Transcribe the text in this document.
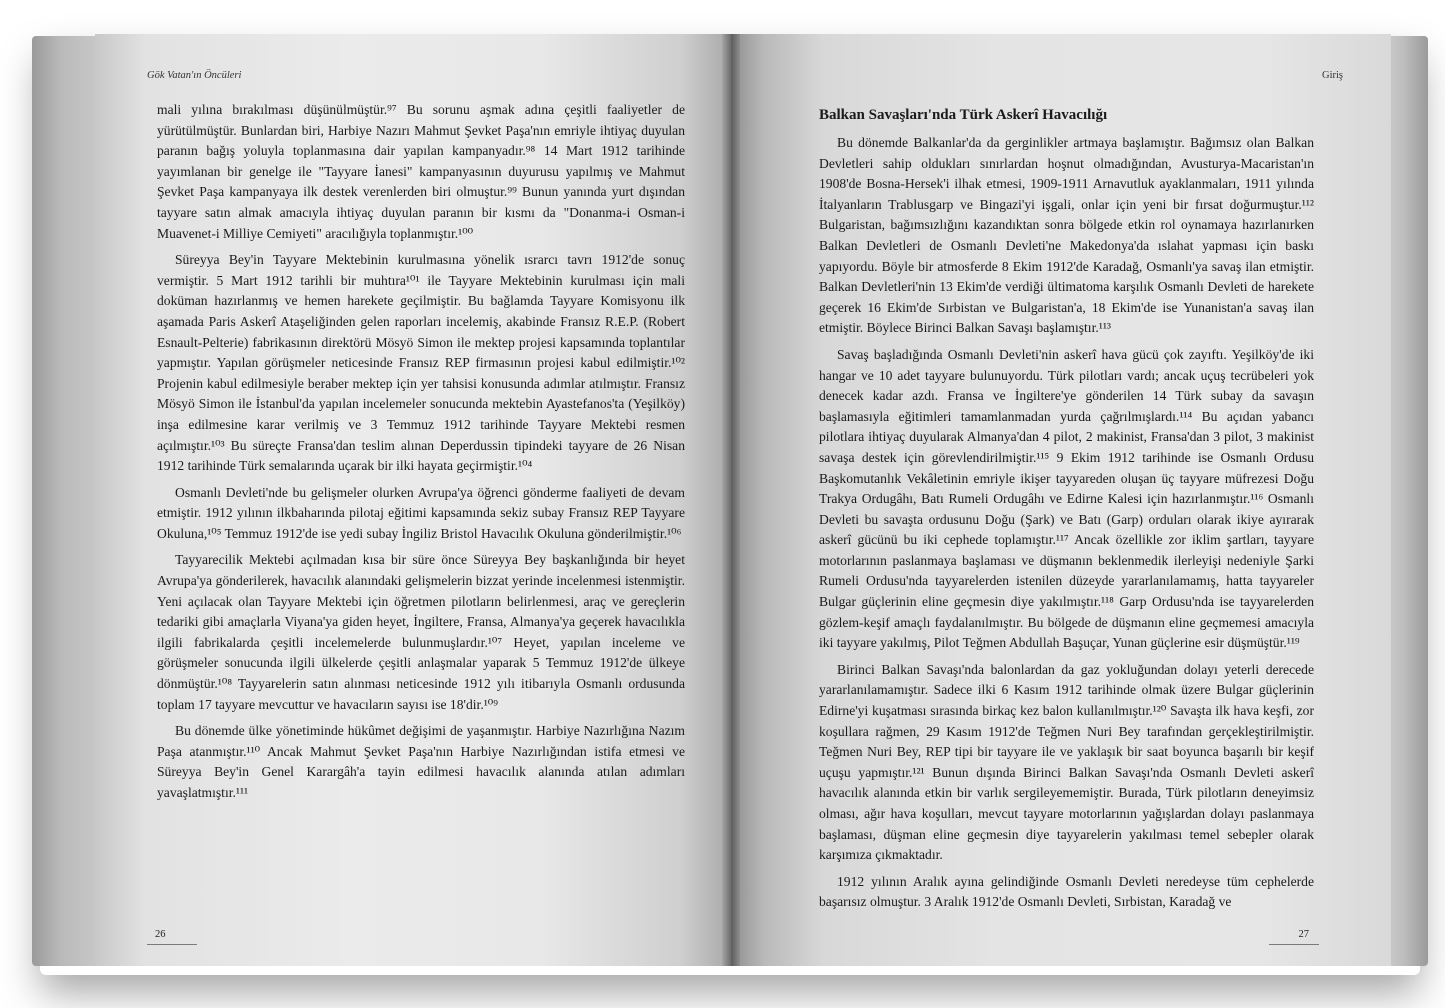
Gök Vatan'ın Öncüleri

mali yılına bırakılması düşünülmüştür.⁹⁷ Bu sorunu aşmak adına çeşitli faaliyetler de yürütülmüştür. Bunlardan biri, Harbiye Nazırı Mahmut Şevket Paşa'nın emriyle ihtiyaç duyulan paranın bağış yoluyla toplanmasına dair yapılan kampanyadır.⁹⁸ 14 Mart 1912 tarihinde yayımlanan bir genelge ile "Tayyare İanesi" kampanyasının duyurusu yapılmış ve Mahmut Şevket Paşa kampanyaya ilk destek verenlerden biri olmuştur.⁹⁹ Bunun yanında yurt dışından tayyare satın almak amacıyla ihtiyaç duyulan paranın bir kısmı da "Donanma-i Osman-i Muavenet-i Milliye Cemiyeti" aracılığıyla toplanmıştır.¹⁰⁰

Süreyya Bey'in Tayyare Mektebinin kurulmasına yönelik ısrarcı tavrı 1912'de sonuç vermiştir. 5 Mart 1912 tarihli bir muhtıra¹⁰¹ ile Tayyare Mektebinin kurulması için mali doküman hazırlanmış ve hemen harekete geçilmiştir. Bu bağlamda Tayyare Komisyonu ilk aşamada Paris Askerî Ataşeliğinden gelen raporları incelemiş, akabinde Fransız R.E.P. (Robert Esnault-Pelterie) fabrikasının direktörü Mösyö Simon ile mektep projesi kapsamında toplantılar yapmıştır. Yapılan görüşmeler neticesinde Fransız REP firmasının projesi kabul edilmiştir.¹⁰² Projenin kabul edilmesiyle beraber mektep için yer tahsisi konusunda adımlar atılmıştır. Fransız Mösyö Simon ile İstanbul'da yapılan incelemeler sonucunda mektebin Ayastefanos'ta (Yeşilköy) inşa edilmesine karar verilmiş ve 3 Temmuz 1912 tarihinde Tayyare Mektebi resmen açılmıştır.¹⁰³ Bu süreçte Fransa'dan teslim alınan Deperdussin tipindeki tayyare de 26 Nisan 1912 tarihinde Türk semalarında uçarak bir ilki hayata geçirmiştir.¹⁰⁴

Osmanlı Devleti'nde bu gelişmeler olurken Avrupa'ya öğrenci gönderme faaliyeti de devam etmiştir. 1912 yılının ilkbaharında pilotaj eğitimi kapsamında sekiz subay Fransız REP Tayyare Okuluna,¹⁰⁵ Temmuz 1912'de ise yedi subay İngiliz Bristol Havacılık Okuluna gönderilmiştir.¹⁰⁶

Tayyarecilik Mektebi açılmadan kısa bir süre önce Süreyya Bey başkanlığında bir heyet Avrupa'ya gönderilerek, havacılık alanındaki gelişmelerin bizzat yerinde incelenmesi istenmiştir. Yeni açılacak olan Tayyare Mektebi için öğretmen pilotların belirlenmesi, araç ve gereçlerin tedariki gibi amaçlarla Viyana'ya giden heyet, İngiltere, Fransa, Almanya'ya geçerek havacılıkla ilgili fabrikalarda çeşitli incelemelerde bulunmuşlardır.¹⁰⁷ Heyet, yapılan inceleme ve görüşmeler sonucunda ilgili ülkelerde çeşitli anlaşmalar yaparak 5 Temmuz 1912'de ülkeye dönmüştür.¹⁰⁸ Tayyarelerin satın alınması neticesinde 1912 yılı itibarıyla Osmanlı ordusunda toplam 17 tayyare mevcuttur ve havacıların sayısı ise 18'dir.¹⁰⁹

Bu dönemde ülke yönetiminde hükûmet değişimi de yaşanmıştır. Harbiye Nazırlığına Nazım Paşa atanmıştır.¹¹⁰ Ancak Mahmut Şevket Paşa'nın Harbiye Nazırlığından istifa etmesi ve Süreyya Bey'in Genel Karargâh'a tayin edilmesi havacılık alanında atılan adımları yavaşlatmıştır.¹¹¹

26
Giriş
Balkan Savaşları'nda Türk Askerî Havacılığı

Bu dönemde Balkanlar'da da gerginlikler artmaya başlamıştır. Bağımsız olan Balkan Devletleri sahip oldukları sınırlardan hoşnut olmadığından, Avusturya-Macaristan'ın 1908'de Bosna-Hersek'i ilhak etmesi, 1909-1911 Arnavutluk ayaklanmaları, 1911 yılında İtalyanların Trablusgarp ve Bingazi'yi işgali, onlar için yeni bir fırsat doğurmuştur.¹¹² Bulgaristan, bağımsızlığını kazandıktan sonra bölgede etkin rol oynamaya hazırlanırken Balkan Devletleri de Osmanlı Devleti'ne Makedonya'da ıslahat yapması için baskı yapıyordu. Böyle bir atmosferde 8 Ekim 1912'de Karadağ, Osmanlı'ya savaş ilan etmiştir. Balkan Devletleri'nin 13 Ekim'de verdiği ültimatoma karşılık Osmanlı Devleti de harekete geçerek 16 Ekim'de Sırbistan ve Bulgaristan'a, 18 Ekim'de ise Yunanistan'a savaş ilan etmiştir. Böylece Birinci Balkan Savaşı başlamıştır.¹¹³

Savaş başladığında Osmanlı Devleti'nin askerî hava gücü çok zayıftı. Yeşilköy'de iki hangar ve 10 adet tayyare bulunuyordu. Türk pilotları vardı; ancak uçuş tecrübeleri yok denecek kadar azdı. Fransa ve İngiltere'ye gönderilen 14 Türk subay da savaşın başlamasıyla eğitimleri tamamlanmadan yurda çağrılmışlardı.¹¹⁴ Bu açıdan yabancı pilotlara ihtiyaç duyularak Almanya'dan 4 pilot, 2 makinist, Fransa'dan 3 pilot, 3 makinist savaşa destek için görevlendirilmiştir.¹¹⁵ 9 Ekim 1912 tarihinde ise Osmanlı Ordusu Başkomutanlık Vekâletinin emriyle ikişer tayyareden oluşan üç tayyare müfrezesi Doğu Trakya Ordugâhı, Batı Rumeli Ordugâhı ve Edirne Kalesi için hazırlanmıştır.¹¹⁶ Osmanlı Devleti bu savaşta ordusunu Doğu (Şark) ve Batı (Garp) orduları olarak ikiye ayırarak askerî gücünü bu iki cephede toplamıştır.¹¹⁷ Ancak özellikle zor iklim şartları, tayyare motorlarının paslanmaya başlaması ve düşmanın beklenmedik ilerleyişi nedeniyle Şarki Rumeli Ordusu'nda tayyarelerden istenilen düzeyde yararlanılamamış, hatta tayyareler Bulgar güçlerinin eline geçmesin diye yakılmıştır.¹¹⁸ Garp Ordusu'nda ise tayyarelerden gözlem-keşif amaçlı faydalanılmıştır. Bu bölgede de düşmanın eline geçmemesi amacıyla iki tayyare yakılmış, Pilot Teğmen Abdullah Başuçar, Yunan güçlerine esir düşmüştür.¹¹⁹

Birinci Balkan Savaşı'nda balonlardan da gaz yokluğundan dolayı yeterli derecede yararlanılamamıştır. Sadece ilki 6 Kasım 1912 tarihinde olmak üzere Bulgar güçlerinin Edirne'yi kuşatması sırasında birkaç kez balon kullanılmıştır.¹²⁰ Savaşta ilk hava keşfi, zor koşullara rağmen, 29 Kasım 1912'de Teğmen Nuri Bey tarafından gerçekleştirilmiştir. Teğmen Nuri Bey, REP tipi bir tayyare ile ve yaklaşık bir saat boyunca başarılı bir keşif uçuşu yapmıştır.¹²¹ Bunun dışında Birinci Balkan Savaşı'nda Osmanlı Devleti askerî havacılık alanında etkin bir varlık sergileyememiştir. Burada, Türk pilotların deneyimsiz olması, ağır hava koşulları, mevcut tayyare motorlarının yağışlardan dolayı paslanmaya başlaması, düşman eline geçmesin diye tayyarelerin yakılması temel sebepler olarak karşımıza çıkmaktadır.

1912 yılının Aralık ayına gelindiğinde Osmanlı Devleti neredeyse tüm cephelerde başarısız olmuştur. 3 Aralık 1912'de Osmanlı Devleti, Sırbistan, Karadağ ve

27
